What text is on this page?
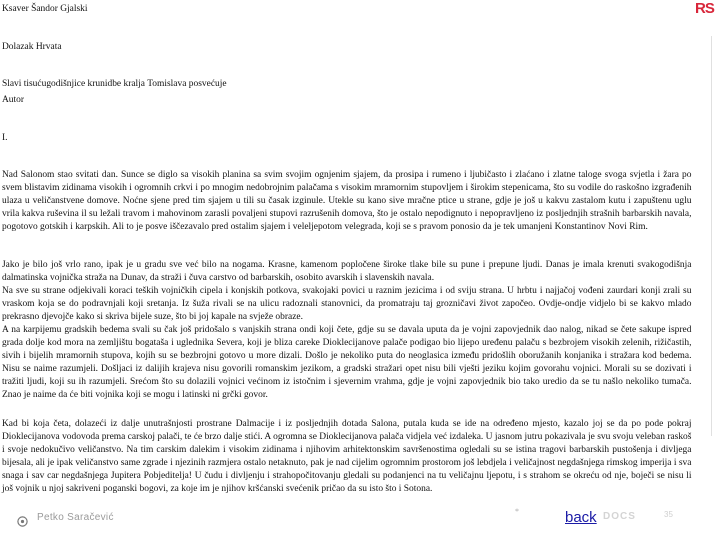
Ksaver Šandor Gjalski
Dolazak Hrvata
Slavi tisućugodišnjice krunidbe kralja Tomislava posvećuje
Autor
I.
Nad Salonom stao svitati dan. Sunce se diglo sa visokih planina sa svim svojim ognjenim sjajem, da prosipa i rumeno i ljubičasto i zlaćano i zlatne taloge svoga svjetla i žara po svem blistavim zidinama visokih i ogromnih crkvi i po mnogim nedobrojnim palačama s visokim mramornim stupovljem i širokim stepenicama, što su vodile do raskošno izgrađenih ulaza u veličanstvene domove. Noćne sjene pred tim sjajem u tili su časak izginule. Utekle su kano sive mračne ptice u strane, gdje je još u kakvu zastalom kutu i zapuštenu uglu vrila kakva ruševina il su ležali travom i mahovinom zarasli povaljeni stupovi razrušenih domova, što je ostalo nepodignuto i nepopravljeno iz posljednjih strašnih barbarskih navala, pogotovo gotskih i karpskih. Ali to je posve iščezavalo pred ostalim sjajem i veleljepotom velegrada, koji se s pravom ponosio da je tek umanjeni Konstantinov Novi Rim.
Jako je bilo još vrlo rano, ipak je u gradu sve već bilo na nogama. Krasne, kamenom popločene široke tlake bile su pune i prepune ljudi. Danas je imala krenuti svakogodišnja dalmatinska vojnička straža na Dunav, da straži i čuva carstvo od barbarskih, osobito avarskih i slavenskih navala.
Na sve su strane odjekivali koraci teških vojničkih cipela i konjskih potkova, svakojaki povici u raznim jezicima i od sviju strana. U hrbtu i najjačoj vođeni zaurdari konji zrali su vraskom koja se do podravnjali koji sretanja. Iz šuža rivali se na ulicu radoznali stanovnici, da promatraju taj grozničavi život započeo. Ovdje-ondje vidjelo bi se kakvo mlado prekrasno djevojče kako si skriva bijele suze, što bi joj kapale na svježe obraze.
A na karpijemu gradskih bedema svali su čak još pridošalo s vanjskih strana ondi koji čete, gdje su se davala uputa da je vojni zapovjednik dao nalog, nikad se čete sakupe ispred grada dolje kod mora na zemljištu bogataša i uglednika Severa, koji je bliza careke Dioklecijanove palače podigao bio lijepo uređenu palaču s bezbrojem visokih zelenih, rižičastih, sivih i bijelih mramornih stupova, kojih su se bezbrojni gotovo u more dizali. Došlo je nekoliko puta do neoglasica između pridošlih oboružanih konjanika i stražara kod bedema. Nisu se naime razumjeli. Došljaci iz dalijih krajeva nisu govorili romanskim jezikom, a gradski stražari opet nisu bili vješti jeziku kojim govorahu vojnici. Morali su se dozivati i tražiti ljudi, koji su ih razumjeli. Srećom što su dolazili vojnici većinom iz istočnim i sjevernim vrahma, gdje je vojni zapovjednik bio tako uredio da se tu našlo nekoliko tumača. Znao je naime da će biti vojnika koji se mogu i latinski ni grčki govor.
Kad bi koja četa, dolazeći iz dalje unutrašnjosti prostrane Dalmacije i iz posljednjih dotada Salona, putala kuda se ide na određeno mjesto, kazalo joj se da po pode pokraj Dioklecijanova vodovoda prema carskoj palači, te će brzo dalje stići. A ogromna se Dioklecijanova palača vidjela već izdaleka. U jasnom jutru pokazivala je svu svoju veleban raskoš i svoje nedokučivo veličanstvo. Na tim carskim dalekim i visokim zidinama i njihovim arhitektonskim savršenostima ogledali su se istina tragovi barbarskih pustošenja i divljega bijesala, ali je ipak veličanstvo same zgrade i njezinih razmjera ostalo netaknuto, pak je nad cijelim ogromnim prostorom još lebdjela i veličajnost negdašnjega rimskog imperija i sva snaga i sav car negdašnjega Jupitera Pobjeditelja! U čudu i divljenju i strahopočitovanju gledali su podanjenci na tu veličajnu ljepotu, i s strahom se okreću od nje, boječi se nisu li još vojnik u njoj sakriveni poganski bogovi, za koje im je njihov kršćanski svećenik pričao da su isto što i Sotona.
RS
Petko Saračević
*	back DOCS	35
